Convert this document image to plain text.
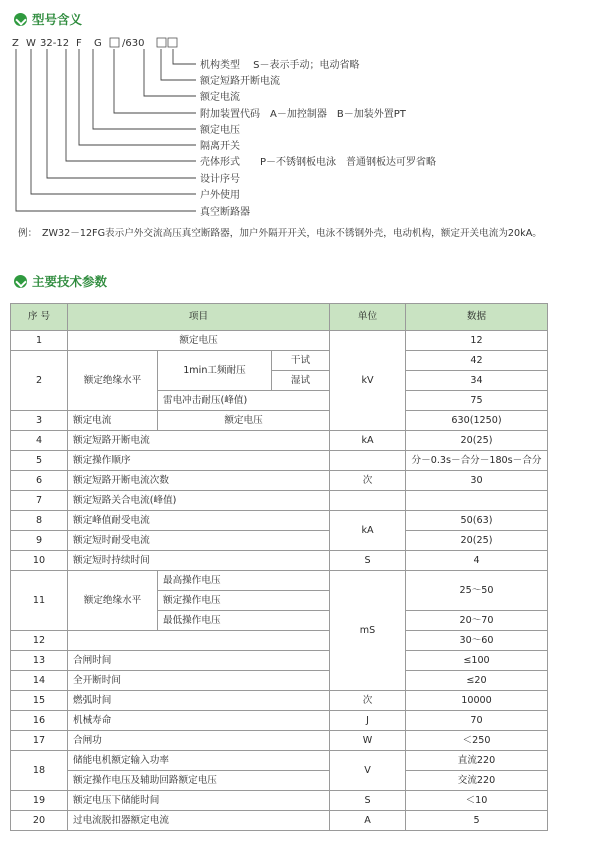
型号含义
Z W 32-12 F G /630
机构类型　 S－表示手动；电动省略
额定短路开断电流
额定电流
附加装置代码　A－加控制器　B－加装外置PT
额定电压
隔离开关
壳体形式　　P－不锈钢板电泳　普通钢板达可罗省略
设计序号
户外使用
真空断路器
例：　ZW32－12FG表示户外交流高压真空断路器，加户外隔开开关，电泳不锈钢外壳，电动机构，额定开关电流为20kA。
主要技术参数
序 号	项目			单位	数据
1	额定电压			kV	12
2	额定绝缘水平	1min工频耐压	干试		42
			湿试		34
		雷电冲击耐压(峰值)			75
3	额定电流	额定电压			630(1250)
4	额定短路开断电流			kA	20(25)
5	额定操作顺序				分－0.3s－合分－180s－合分
6	额定短路开断电流次数			次	30
7	额定短路关合电流(峰值)				
8	额定峰值耐受电流			kA	50(63)
9	额定短时耐受电流				20(25)
10	额定短时持续时间			S	4
11	额定绝缘水平	最高操作电压		mS	25～50
		额定操作电压			
		最低操作电压			20～70
12					30～60
13	合闸时间				≤100
14	全开断时间				≤20
15	燃弧时间			次	10000
16	机械寿命			J	70
17	合闸功			W	＜250
18	储能电机额定输入功率			V	直流220
	额定操作电压及辅助回路额定电压				交流220
19	额定电压下储能时间			S	＜10
20	过电流脱扣器额定电流			A	5
